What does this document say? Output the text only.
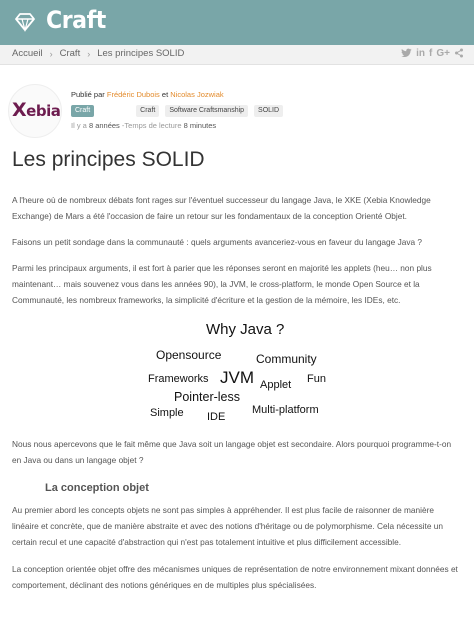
Craft
Accueil › Craft › Les principes SOLID	in f G+
Xebia
Publié par Frédéric Dubois et Nicolas Jozwiak
Craft	Craft	Software Craftsmanship	SOLID
Il y a 8 années -Temps de lecture 8 minutes
Les principes SOLID

A l'heure où de nombreux débats font rages sur l'éventuel successeur du langage Java, le XKE (Xebia Knowledge Exchange) de Mars a été l'occasion de faire un retour sur les fondamentaux de la conception Orienté Objet.

Faisons un petit sondage dans la communauté : quels arguments avanceriez-vous en faveur du langage Java ?

Parmi les principaux arguments, il est fort à parier que les réponses seront en majorité les applets (heu… non plus maintenant… mais souvenez vous dans les années 90), la JVM, le cross-platform, le monde Open Source et la Communauté, les nombreux frameworks, la simplicité d'écriture et la gestion de la mémoire, les IDEs, etc.

Why Java ?
Opensource	Community
Frameworks JVM Applet Fun
Pointer-less
Simple IDE
Multi-platform

Nous nous apercevons que le fait même que Java soit un langage objet est secondaire. Alors pourquoi programme-t-on en Java ou dans un langage objet ?

La conception objet

Au premier abord les concepts objets ne sont pas simples à appréhender. Il est plus facile de raisonner de manière linéaire et concrète, que de manière abstraite et avec des notions d'héritage ou de polymorphisme. Cela nécessite un certain recul et une capacité d'abstraction qui n'est pas totalement intuitive et plus difficilement accessible.

La conception orientée objet offre des mécanismes uniques de représentation de notre environnement mixant données et comportement, déclinant des notions génériques en de multiples plus spécialisées.
